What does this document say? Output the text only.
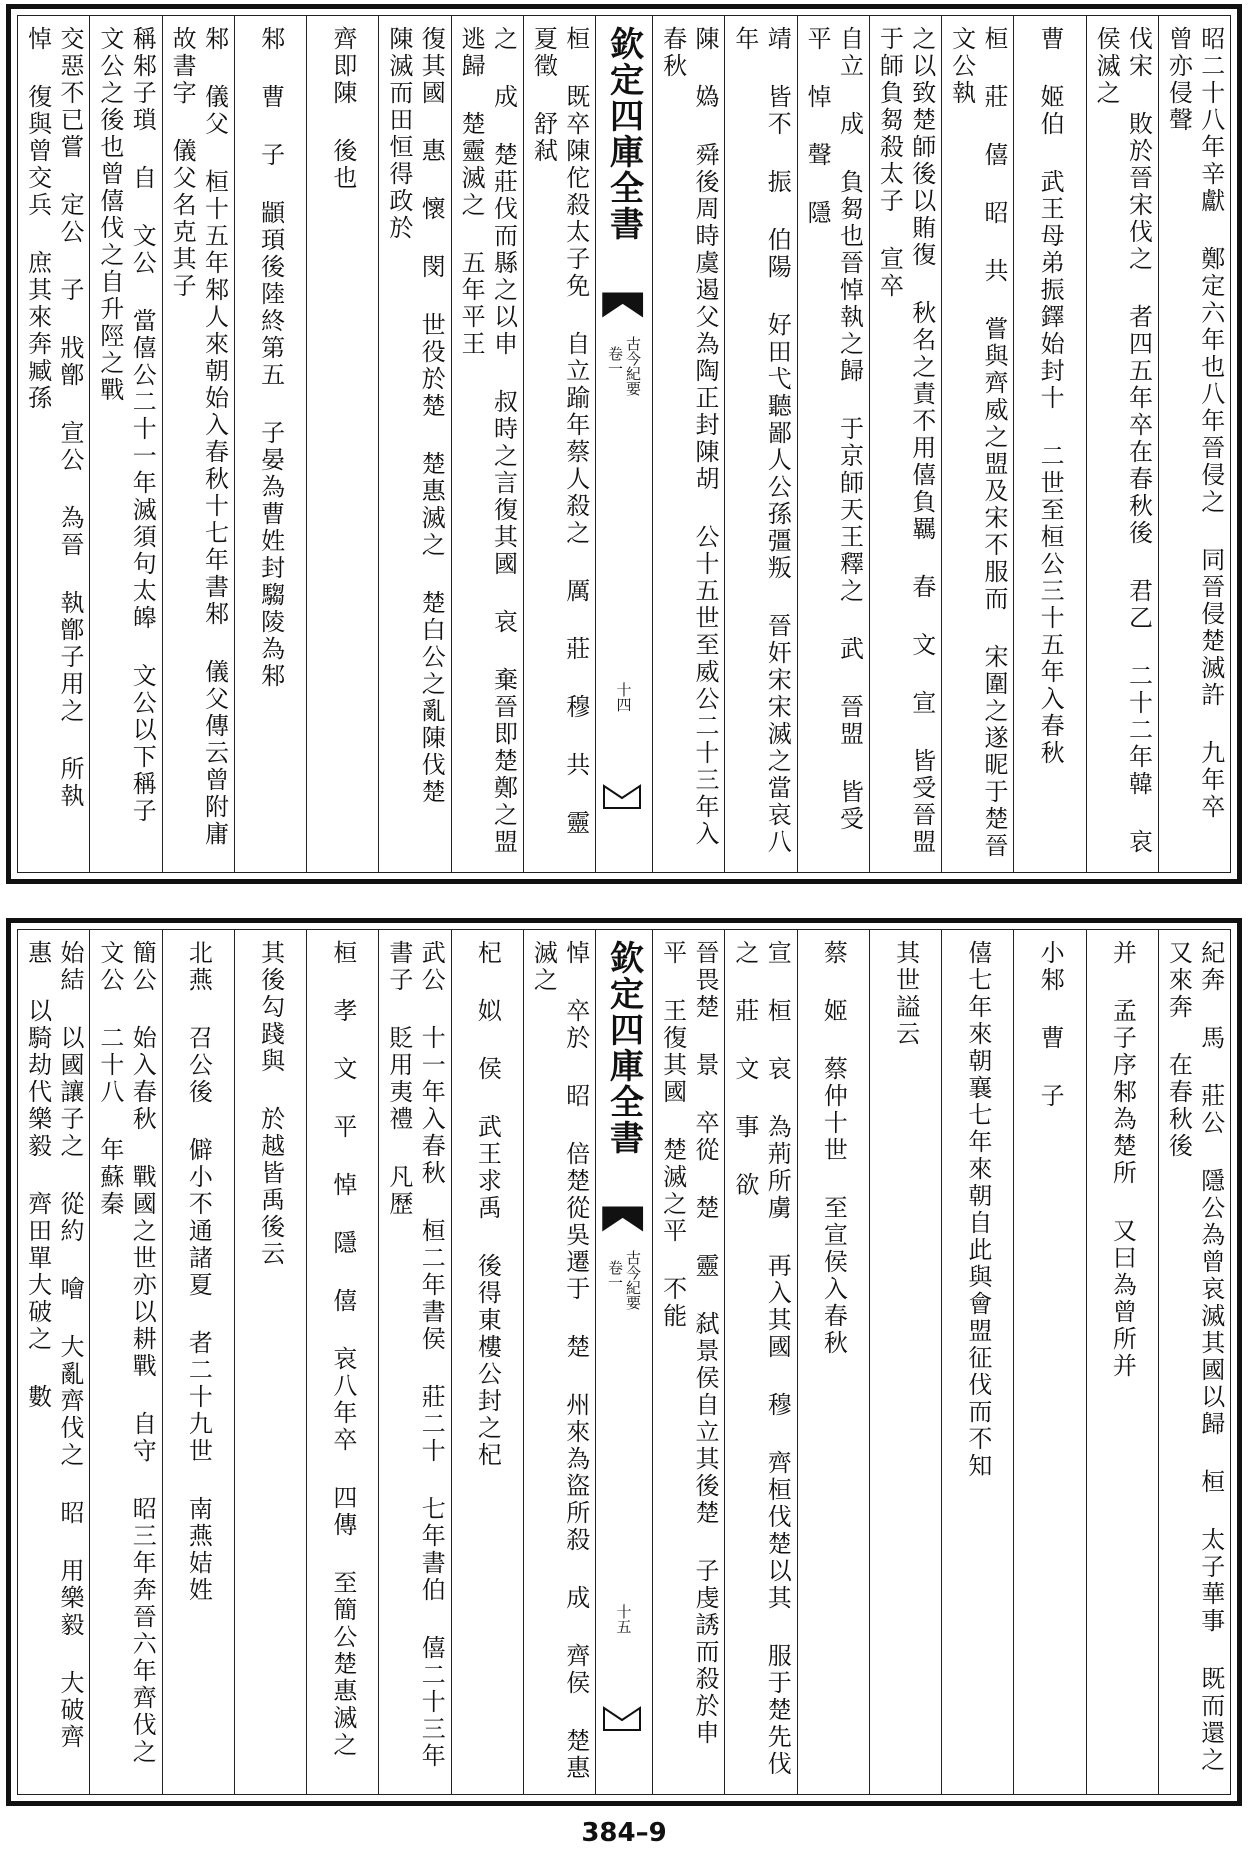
昭二十八年辛獻 鄭定六年也八年晉侵之 同晉侵楚滅許 九年卒 曾亦侵聲
伐宋 敗於晉宋伐之 者四五年卒在春秋後 君乙 二十二年韓 哀侯滅之
曹 姬伯 武王母弟振鐸始封十 二世至桓公三十五年入春秋
桓 莊 僖 昭 共 嘗與齊威之盟及宋不服而 宋圍之遂昵于楚晉文公執
之以致楚師後以賄復 秋名之責不用僖負羈 春 文 宣 皆受晉盟 于師負芻殺太子 宣卒
自立 成 負芻也晉悼執之歸 于京師天王釋之 武 晉盟 皆受 平 悼 聲 隱
靖 皆不 振 伯陽 好田弋聽鄙人公孫彊叛 晉奸宋宋滅之當哀八年
陳 媯 舜後周時虞遏父為陶正封陳胡 公十五世至威公二十三年入春秋
欽定四庫全書
古今紀要
卷一
十四
桓 既卒陳佗殺太子免 自立踰年蔡人殺之 厲 莊 穆 共 靈 夏徵 舒弒
之 成 楚莊伐而縣之以申 叔時之言復其國 哀 棄晉即楚鄭之盟逃歸 楚靈滅之 五年平王
復其國 惠 懷 閔 世役於楚 楚惠滅之 楚白公之亂陳伐楚 陳滅而田恒得政於
齊即陳 後也
邾 曹 子 顓頊後陸終第五 子晏為曹姓封騶陵為邾
邾 儀父 桓十五年邾人來朝始入春秋十七年書邾 儀父傳云曾附庸故書字 儀父名克其子
稱邾子瑣 自 文公 當僖公二十一年滅須句太皞 文公以下稱子 文公之後也曾僖伐之自升陘之戰
交惡不已嘗 定公 子 戕鄫 宣公 為晉 執鄫子用之 所執 悼 復與曾交兵 庶其來奔臧孫
紀奔 馬 莊公 隱公為曾哀滅其國以歸 桓 太子華事 既而還之又來奔 在春秋後
并 孟子序邾為楚所 又曰為曾所并
小邾 曹 子
僖七年來朝襄七年來朝自此與會盟征伐而不知
其世謚云
蔡 姬 蔡仲十世 至宣侯入春秋
宣 桓 哀 為荊所虜 再入其國 穆 齊桓伐楚以其 服于楚先伐之 莊 文 事 欲
晉畏楚 景 卒從 楚 靈 弑景侯自立其後楚 子虔誘而殺於申 平 王復其國 楚滅之平 不能
欽定四庫全書
古今紀要
卷一
十五
悼 卒於 昭 倍楚從吳遷于 楚 州來為盜所殺 成 齊侯 楚惠 滅之
杞 姒 侯 武王求禹 後得東樓公封之杞
武公 十一年入春秋 桓二年書侯 莊二十 七年書伯 僖二十三年書子 貶用夷禮 凡歷
桓 孝 文 平 悼 隱 僖 哀八年卒 四傳 至簡公楚惠滅之
其後勾踐與 於越皆禹後云
北燕 召公後 僻小不通諸夏 者二十九世 南燕姞姓
簡公 始入春秋 戰國之世亦以耕戰 自守 昭三年奔晉六年齊伐之 文公 二十八 年蘇秦
始結 以國讓子之 從約 噲 大亂齊伐之 昭 用樂毅 大破齊 惠 以騎劫代樂毅 齊田單大破之 數
384–9
